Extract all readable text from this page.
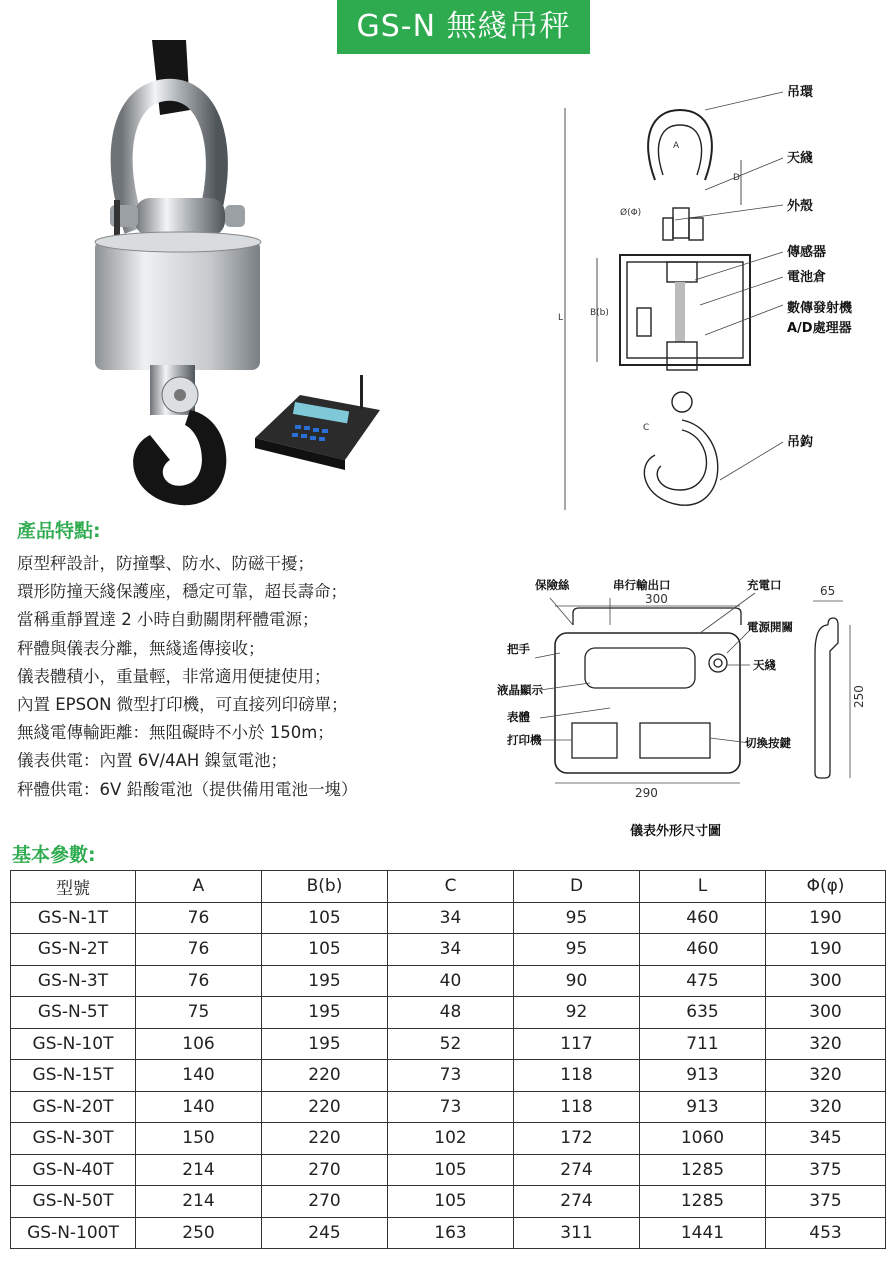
GS-N 無綫吊秤
A
D
Ø(Φ)
B(b)
L
C
吊環
天綫
外殼
傳感器
電池倉
數傳發射機
A/D處理器
吊鈎
產品特點:
原型秤設計，防撞擊、防水、防磁干擾；
環形防撞天綫保護座，穩定可靠，超長壽命；
當稱重靜置達 2 小時自動關閉秤體電源；
秤體與儀表分離，無綫遙傳接收；
儀表體積小，重量輕，非常適用便捷使用；
內置 EPSON 微型打印機，可直接列印磅單；
無綫電傳輸距離：無阻礙時不小於 150m；
儀表供電：內置 6V/4AH 鎳氫電池；
秤體供電：6V 鉛酸電池（提供備用電池一塊）
保險絲	串行輸出口	充電口
電源開關
把手
天綫
液晶顯示
表體
打印機	切換按鍵
300
290
65
250
儀表外形尺寸圖
基本參數:
型號	A	B(b)	C	D	L	Φ(φ)
GS-N-1T	76	105	34	95	460	190
GS-N-2T	76	105	34	95	460	190
GS-N-3T	76	195	40	90	475	300
GS-N-5T	75	195	48	92	635	300
GS-N-10T	106	195	52	117	711	320
GS-N-15T	140	220	73	118	913	320
GS-N-20T	140	220	73	118	913	320
GS-N-30T	150	220	102	172	1060	345
GS-N-40T	214	270	105	274	1285	375
GS-N-50T	214	270	105	274	1285	375
GS-N-100T	250	245	163	311	1441	453
